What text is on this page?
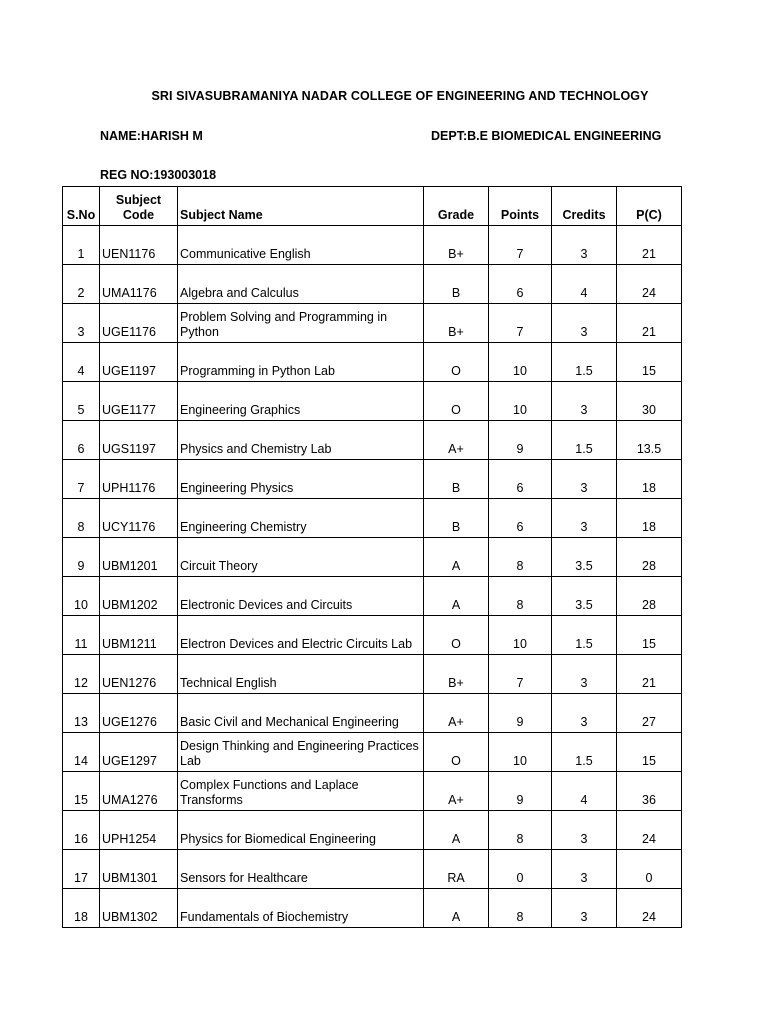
SRI SIVASUBRAMANIYA NADAR COLLEGE OF ENGINEERING AND TECHNOLOGY
NAME:HARISH M	DEPT:B.E BIOMEDICAL ENGINEERING
REG NO:193003018
S.No	Subject Code	Subject Name	Grade	Points	Credits	P(C)
1	UEN1176	Communicative English	B+	7	3	21
2	UMA1176	Algebra and Calculus	B	6	4	24
3	UGE1176	Problem Solving and Programming in Python	B+	7	3	21
4	UGE1197	Programming in Python Lab	O	10	1.5	15
5	UGE1177	Engineering Graphics	O	10	3	30
6	UGS1197	Physics and Chemistry Lab	A+	9	1.5	13.5
7	UPH1176	Engineering Physics	B	6	3	18
8	UCY1176	Engineering Chemistry	B	6	3	18
9	UBM1201	Circuit Theory	A	8	3.5	28
10	UBM1202	Electronic Devices and Circuits	A	8	3.5	28
11	UBM1211	Electron Devices and Electric Circuits Lab	O	10	1.5	15
12	UEN1276	Technical English	B+	7	3	21
13	UGE1276	Basic Civil and Mechanical Engineering	A+	9	3	27
14	UGE1297	Design Thinking and Engineering Practices Lab	O	10	1.5	15
15	UMA1276	Complex Functions and Laplace Transforms	A+	9	4	36
16	UPH1254	Physics for Biomedical Engineering	A	8	3	24
17	UBM1301	Sensors for Healthcare	RA	0	3	0
18	UBM1302	Fundamentals of Biochemistry	A	8	3	24
